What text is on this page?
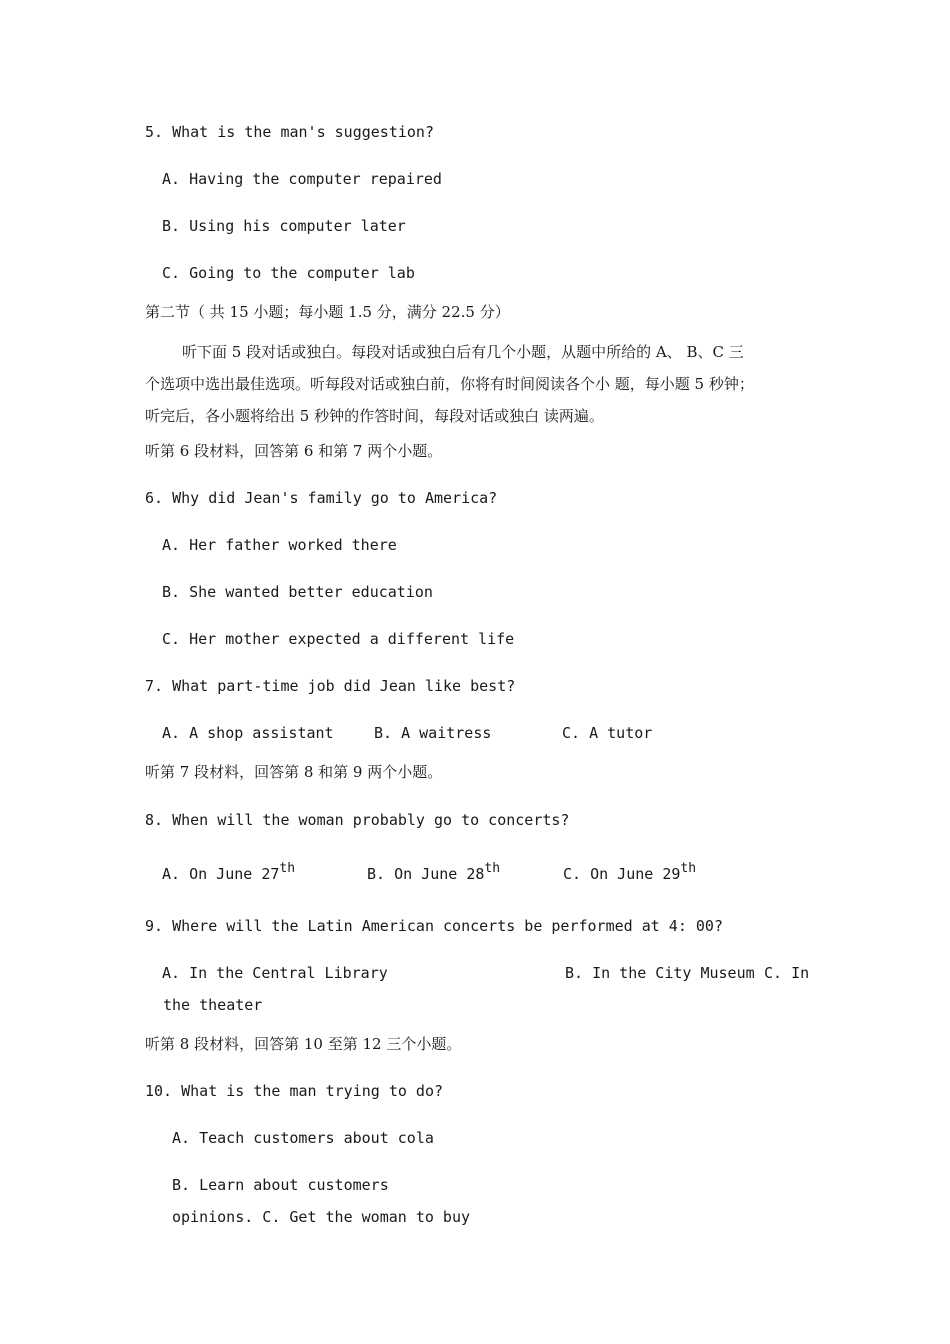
5. What is the man's suggestion?
A. Having the computer repaired
B. Using his computer later
C. Going to the computer lab
第二节（ 共 15 小题；每小题 1.5 分，满分 22.5 分）
听下面 5 段对话或独白。每段对话或独白后有几个小题，从题中所给的 A、 B、C 三
个选项中选出最佳选项。听每段对话或独白前，你将有时间阅读各个小 题，每小题 5 秒钟；
听完后，各小题将给出 5 秒钟的作答时间，每段对话或独白 读两遍。
听第 6 段材料，回答第 6 和第 7 两个小题。
6. Why did Jean's family go to America?
A. Her father worked there
B. She wanted better education
C. Her mother expected a different life
7. What part-time job did Jean like best?
A. A shop assistant	B. A waitress	C. A tutor
听第 7 段材料，回答第 8 和第 9 两个小题。
8. When will the woman probably go to concerts?
A. On June 27th	B. On June 28th	C. On June 29th
9. Where will the Latin American concerts be performed at 4: 00?
A. In the Central Library	B. In the City Museum C. In
the theater
听第 8 段材料，回答第 10 至第 12 三个小题。
10. What is the man trying to do?
A. Teach customers about cola
B. Learn about customers
opinions. C. Get the woman to buy
